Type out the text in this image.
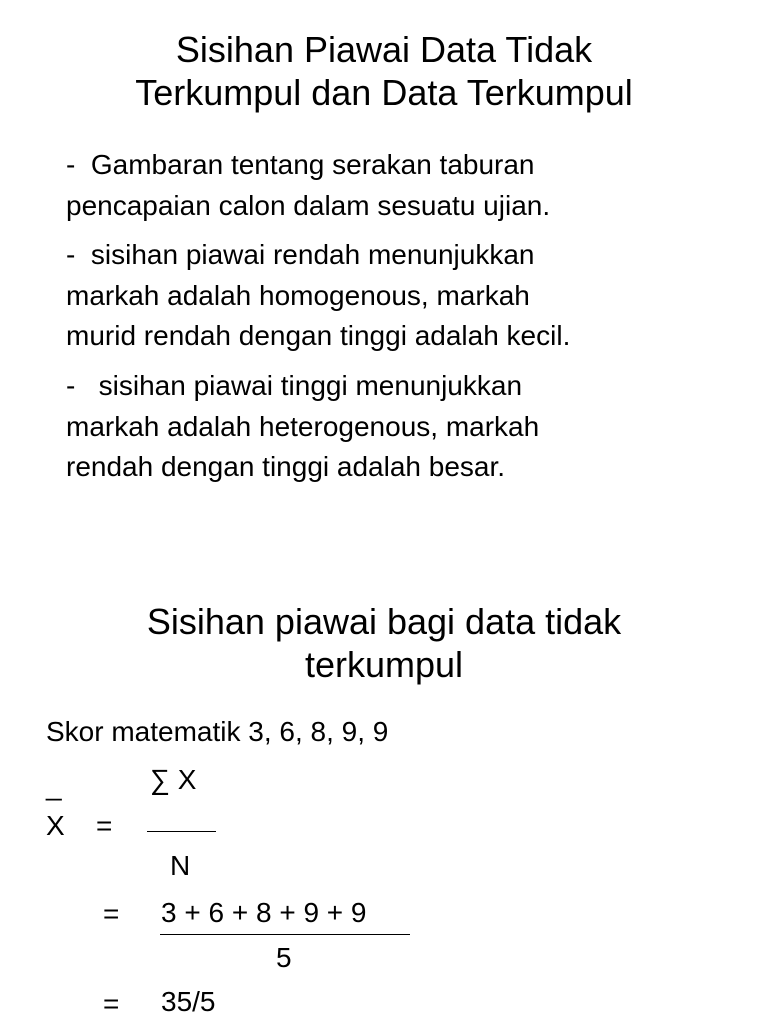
Sisihan Piawai Data Tidak
Terkumpul dan Data Terkumpul

-  Gambaran tentang serakan taburan
pencapaian calon dalam sesuatu ujian.

-  sisihan piawai rendah menunjukkan
markah adalah homogenous, markah
murid rendah dengan tinggi adalah kecil.

-   sisihan piawai tinggi menunjukkan
markah adalah heterogenous, markah
rendah dengan tinggi adalah besar.

Sisihan piawai bagi data tidak
terkumpul
Skor matematik 3, 6, 8, 9, 9
_	∑ X
X =
N
= 3 + 6 + 8 + 9 + 9
5
= 35/5
